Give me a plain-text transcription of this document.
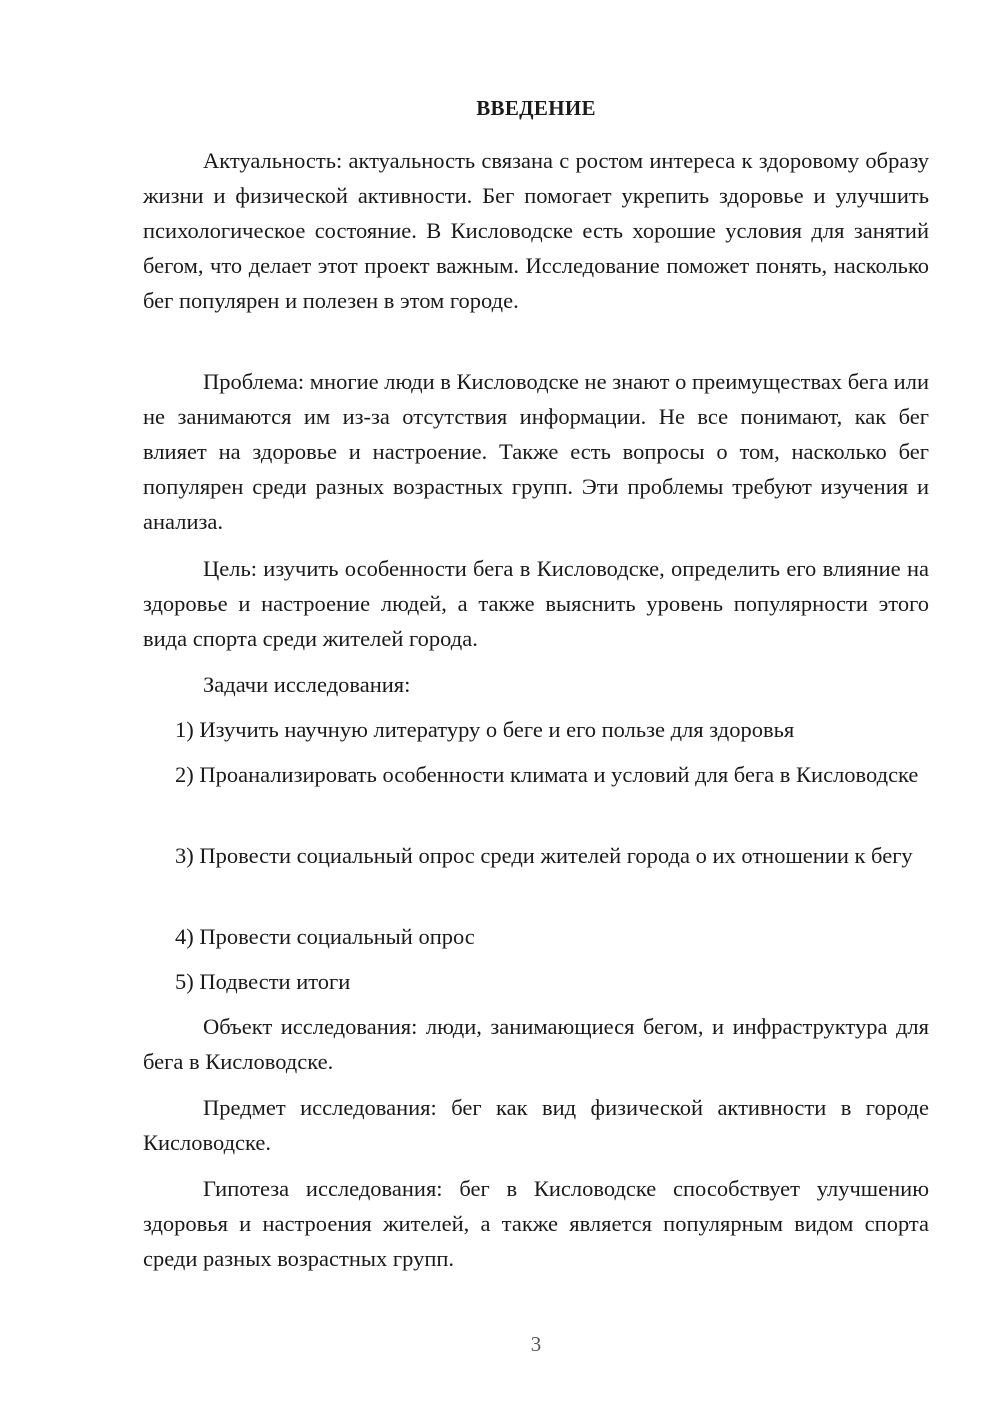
ВВЕДЕНИЕ

Актуальность: актуальность связана с ростом интереса к здоровому образу жизни и физической активности. Бег помогает укрепить здоровье и улучшить психологическое состояние. В Кисловодске есть хорошие условия для занятий бегом, что делает этот проект важным. Исследование поможет понять, насколько бег популярен и полезен в этом городе.

Проблема: многие люди в Кисловодске не знают о преимуществах бега или не занимаются им из-за отсутствия информации. Не все понимают, как бег влияет на здоровье и настроение. Также есть вопросы о том, насколько бег популярен среди разных возрастных групп. Эти проблемы требуют изучения и анализа.

Цель: изучить особенности бега в Кисловодске, определить его влияние на здоровье и настроение людей, а также выяснить уровень популярности этого вида спорта среди жителей города.

Задачи исследования:

1) Изучить научную литературу о беге и его пользе для здоровья

2) Проанализировать особенности климата и условий для бега в Кисловодске

3) Провести социальный опрос среди жителей города о их отношении к бегу

4) Провести социальный опрос

5) Подвести итоги

Объект исследования: люди, занимающиеся бегом, и инфраструктура для бега в Кисловодске.

Предмет исследования: бег как вид физической активности в городе Кисловодске.

Гипотеза исследования: бег в Кисловодске способствует улучшению здоровья и настроения жителей, а также является популярным видом спорта среди разных возрастных групп.

3
